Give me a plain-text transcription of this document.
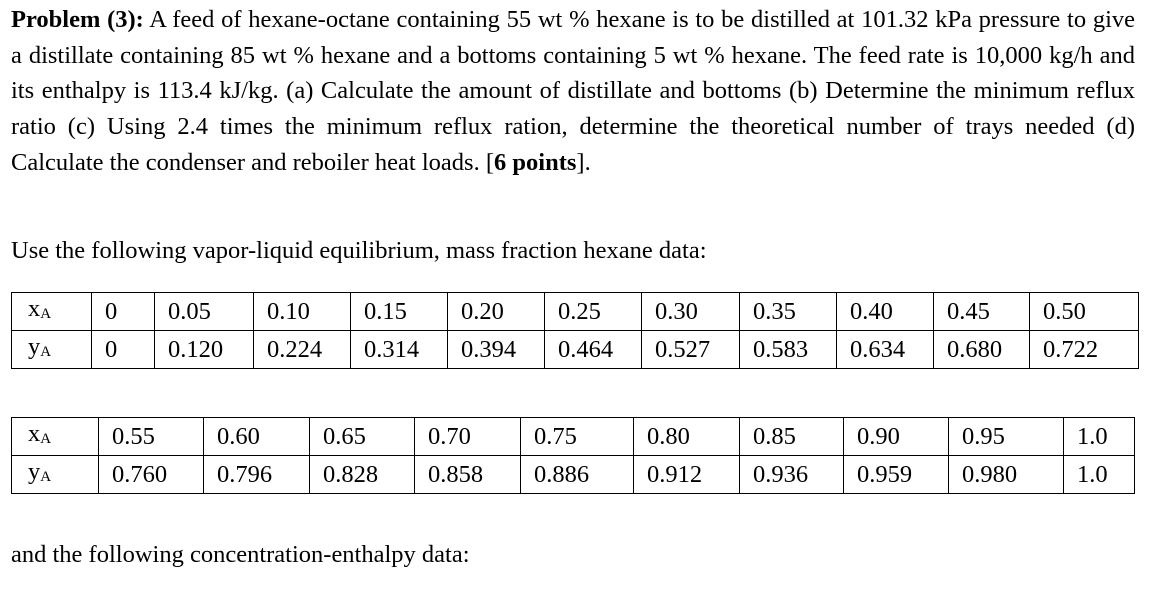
Problem (3): A feed of hexane-octane containing 55 wt % hexane is to be distilled at 101.32 kPa pressure to give a distillate containing 85 wt % hexane and a bottoms containing 5 wt % hexane. The feed rate is 10,000 kg/h and its enthalpy is 113.4 kJ/kg. (a) Calculate the amount of distillate and bottoms (b) Determine the minimum reflux ratio (c) Using 2.4 times the minimum reflux ration, determine the theoretical number of trays needed (d) Calculate the condenser and reboiler heat loads. [6 points].

Use the following vapor-liquid equilibrium, mass fraction hexane data:

$x_A$	0	0.05	0.10	0.15	0.20	0.25	0.30	0.35	0.40	0.45	0.50
$y_A$	0	0.120	0.224	0.314	0.394	0.464	0.527	0.583	0.634	0.680	0.722
$x_A$	0.55	0.60	0.65	0.70	0.75	0.80	0.85	0.90	0.95	1.0
$y_A$	0.760	0.796	0.828	0.858	0.886	0.912	0.936	0.959	0.980	1.0

and the following concentration-enthalpy data:
